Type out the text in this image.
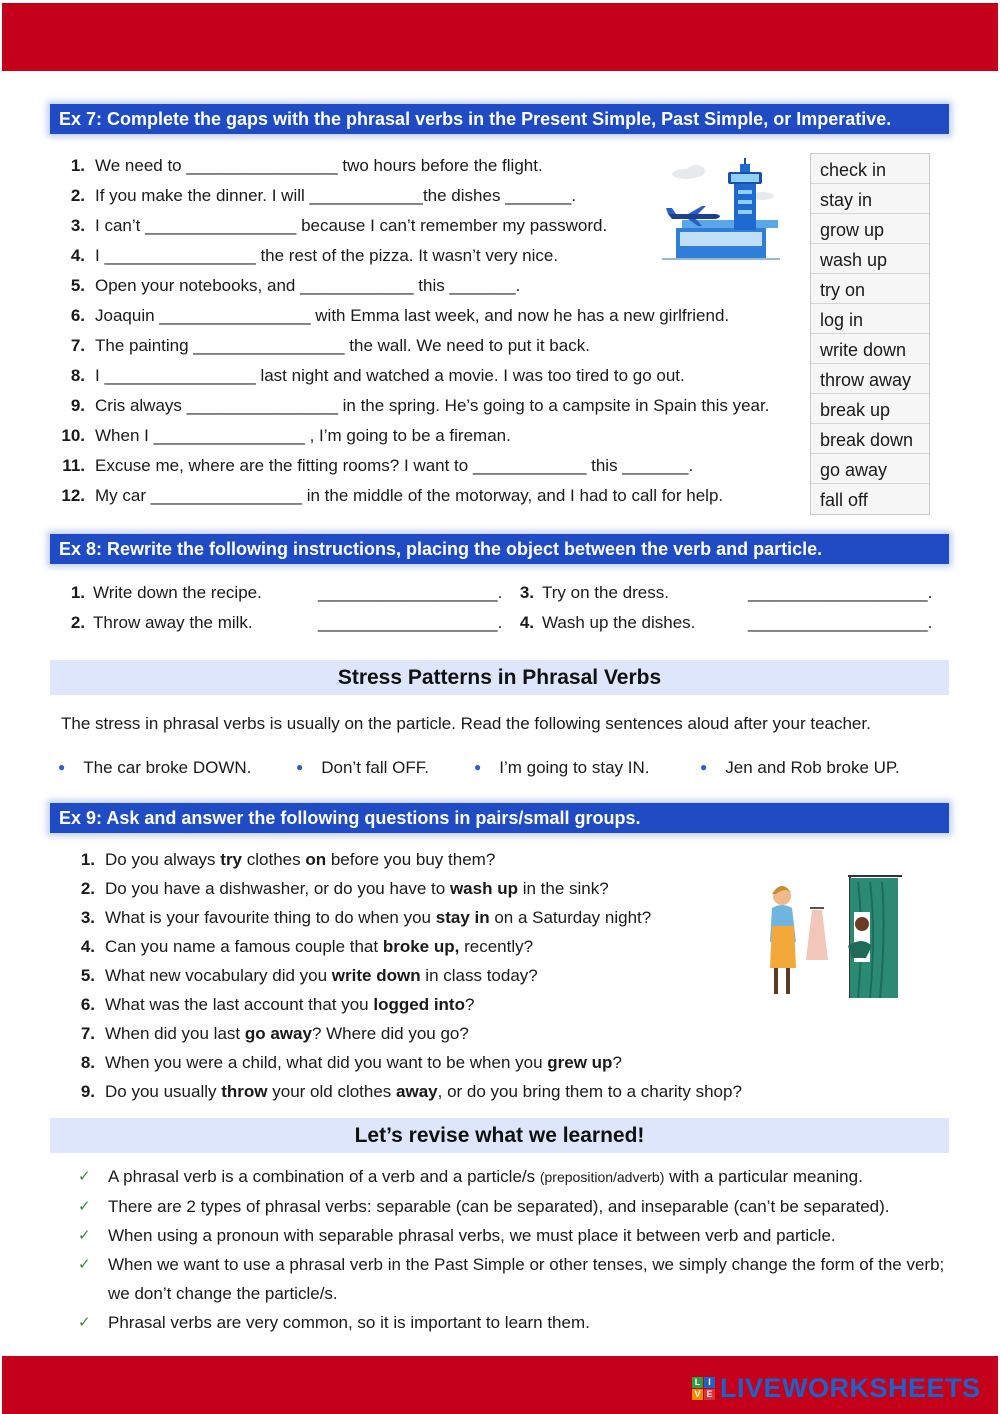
Ex 7: Complete the gaps with the phrasal verbs in the Present Simple, Past Simple, or Imperative.
1. We need to ________________ two hours before the flight.
2. If you make the dinner. I will ____________the dishes _______.
3. I can’t ________________ because I can’t remember my password.
4. I ________________ the rest of the pizza. It wasn’t very nice.
5. Open your notebooks, and ____________ this _______.
6. Joaquin ________________ with Emma last week, and now he has a new girlfriend.
7. The painting ________________ the wall. We need to put it back.
8. I ________________ last night and watched a movie. I was too tired to go out.
9. Cris always ________________ in the spring. He’s going to a campsite in Spain this year.
10. When I ________________ , I’m going to be a fireman.
11. Excuse me, where are the fitting rooms? I want to ____________ this _______.
12. My car ________________ in the middle of the motorway, and I had to call for help.
check in
stay in
grow up
wash up
try on
log in
write down
throw away
break up
break down
go away
fall off
Ex 8: Rewrite the following instructions, placing the object between the verb and particle.
1. Write down the recipe.	___________________.
2. Throw away the milk.	___________________.
3. Try on the dress.	___________________.
4. Wash up the dishes.	___________________.
Stress Patterns in Phrasal Verbs
The stress in phrasal verbs is usually on the particle. Read the following sentences aloud after your teacher.
● The car broke DOWN.	● Don’t fall OFF.	● I’m going to stay IN.	● Jen and Rob broke UP.
Ex 9: Ask and answer the following questions in pairs/small groups.
1. Do you always try clothes on before you buy them?
2. Do you have a dishwasher, or do you have to wash up in the sink?
3. What is your favourite thing to do when you stay in on a Saturday night?
4. Can you name a famous couple that broke up, recently?
5. What new vocabulary did you write down in class today?
6. What was the last account that you logged into?
7. When did you last go away? Where did you go?
8. When you were a child, what did you want to be when you grew up?
9. Do you usually throw your old clothes away, or do you bring them to a charity shop?
Let’s revise what we learned!
✓ A phrasal verb is a combination of a verb and a particle/s (preposition/adverb) with a particular meaning.
✓ There are 2 types of phrasal verbs: separable (can be separated), and inseparable (can’t be separated).
✓ When using a pronoun with separable phrasal verbs, we must place it between verb and particle.
✓ When we want to use a phrasal verb in the Past Simple or other tenses, we simply change the form of the verb; we don’t change the particle/s.
✓ Phrasal verbs are very common, so it is important to learn them.
L I
V E LIVEWORKSHEETS
